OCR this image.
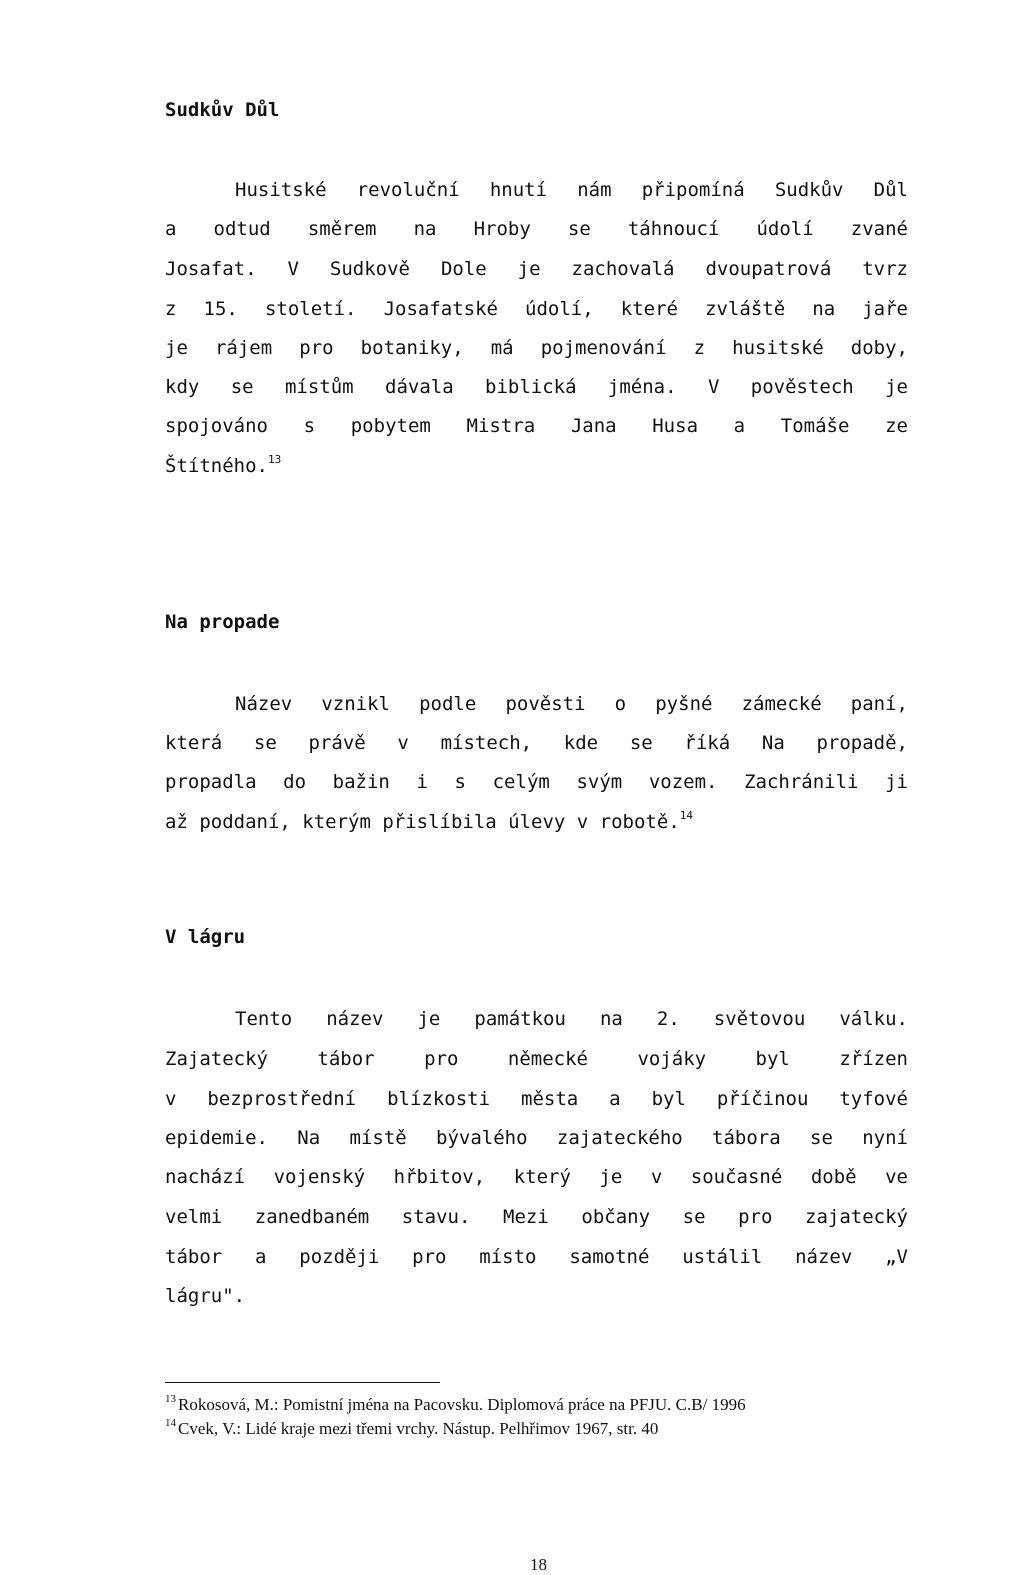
Sudkův Důl
Husitské revoluční hnutí nám připomíná Sudkův Důl
a odtud směrem na Hroby se táhnoucí údolí zvané
Josafat. V Sudkově Dole je zachovalá dvoupatrová tvrz
z 15. století. Josafatské údolí, které zvláště na jaře
je rájem pro botaniky, má pojmenování z husitské doby,
kdy se místům dávala biblická jména. V pověstech je
spojováno s pobytem Mistra Jana Husa a Tomáše ze
Štítného.$^{13}$
Na propade
Název vznikl podle pověsti o pyšné zámecké paní,
která se právě v místech, kde se říká Na propadě,
propadla do bažin i s celým svým vozem. Zachránili ji
až poddaní, kterým přislíbila úlevy v robotě.$^{14}$
V lágru
Tento název je památkou na 2. světovou válku.
Zajatecký tábor pro německé vojáky byl zřízen
v bezprostřední blízkosti města a byl příčinou tyfové
epidemie. Na místě bývalého zajateckého tábora se nyní
nachází vojenský hřbitov, který je v současné době ve
velmi zanedbaném stavu. Mezi občany se pro zajatecký
tábor a později pro místo samotné ustálil název „V
lágru".
$^{13}$ Rokosová, M.: Pomistní jména na Pacovsku. Diplomová práce na PFJU. C.B/ 1996
$^{14}$ Cvek, V.: Lidé kraje mezi třemi vrchy. Nástup. Pelhřimov 1967, str. 40
18
